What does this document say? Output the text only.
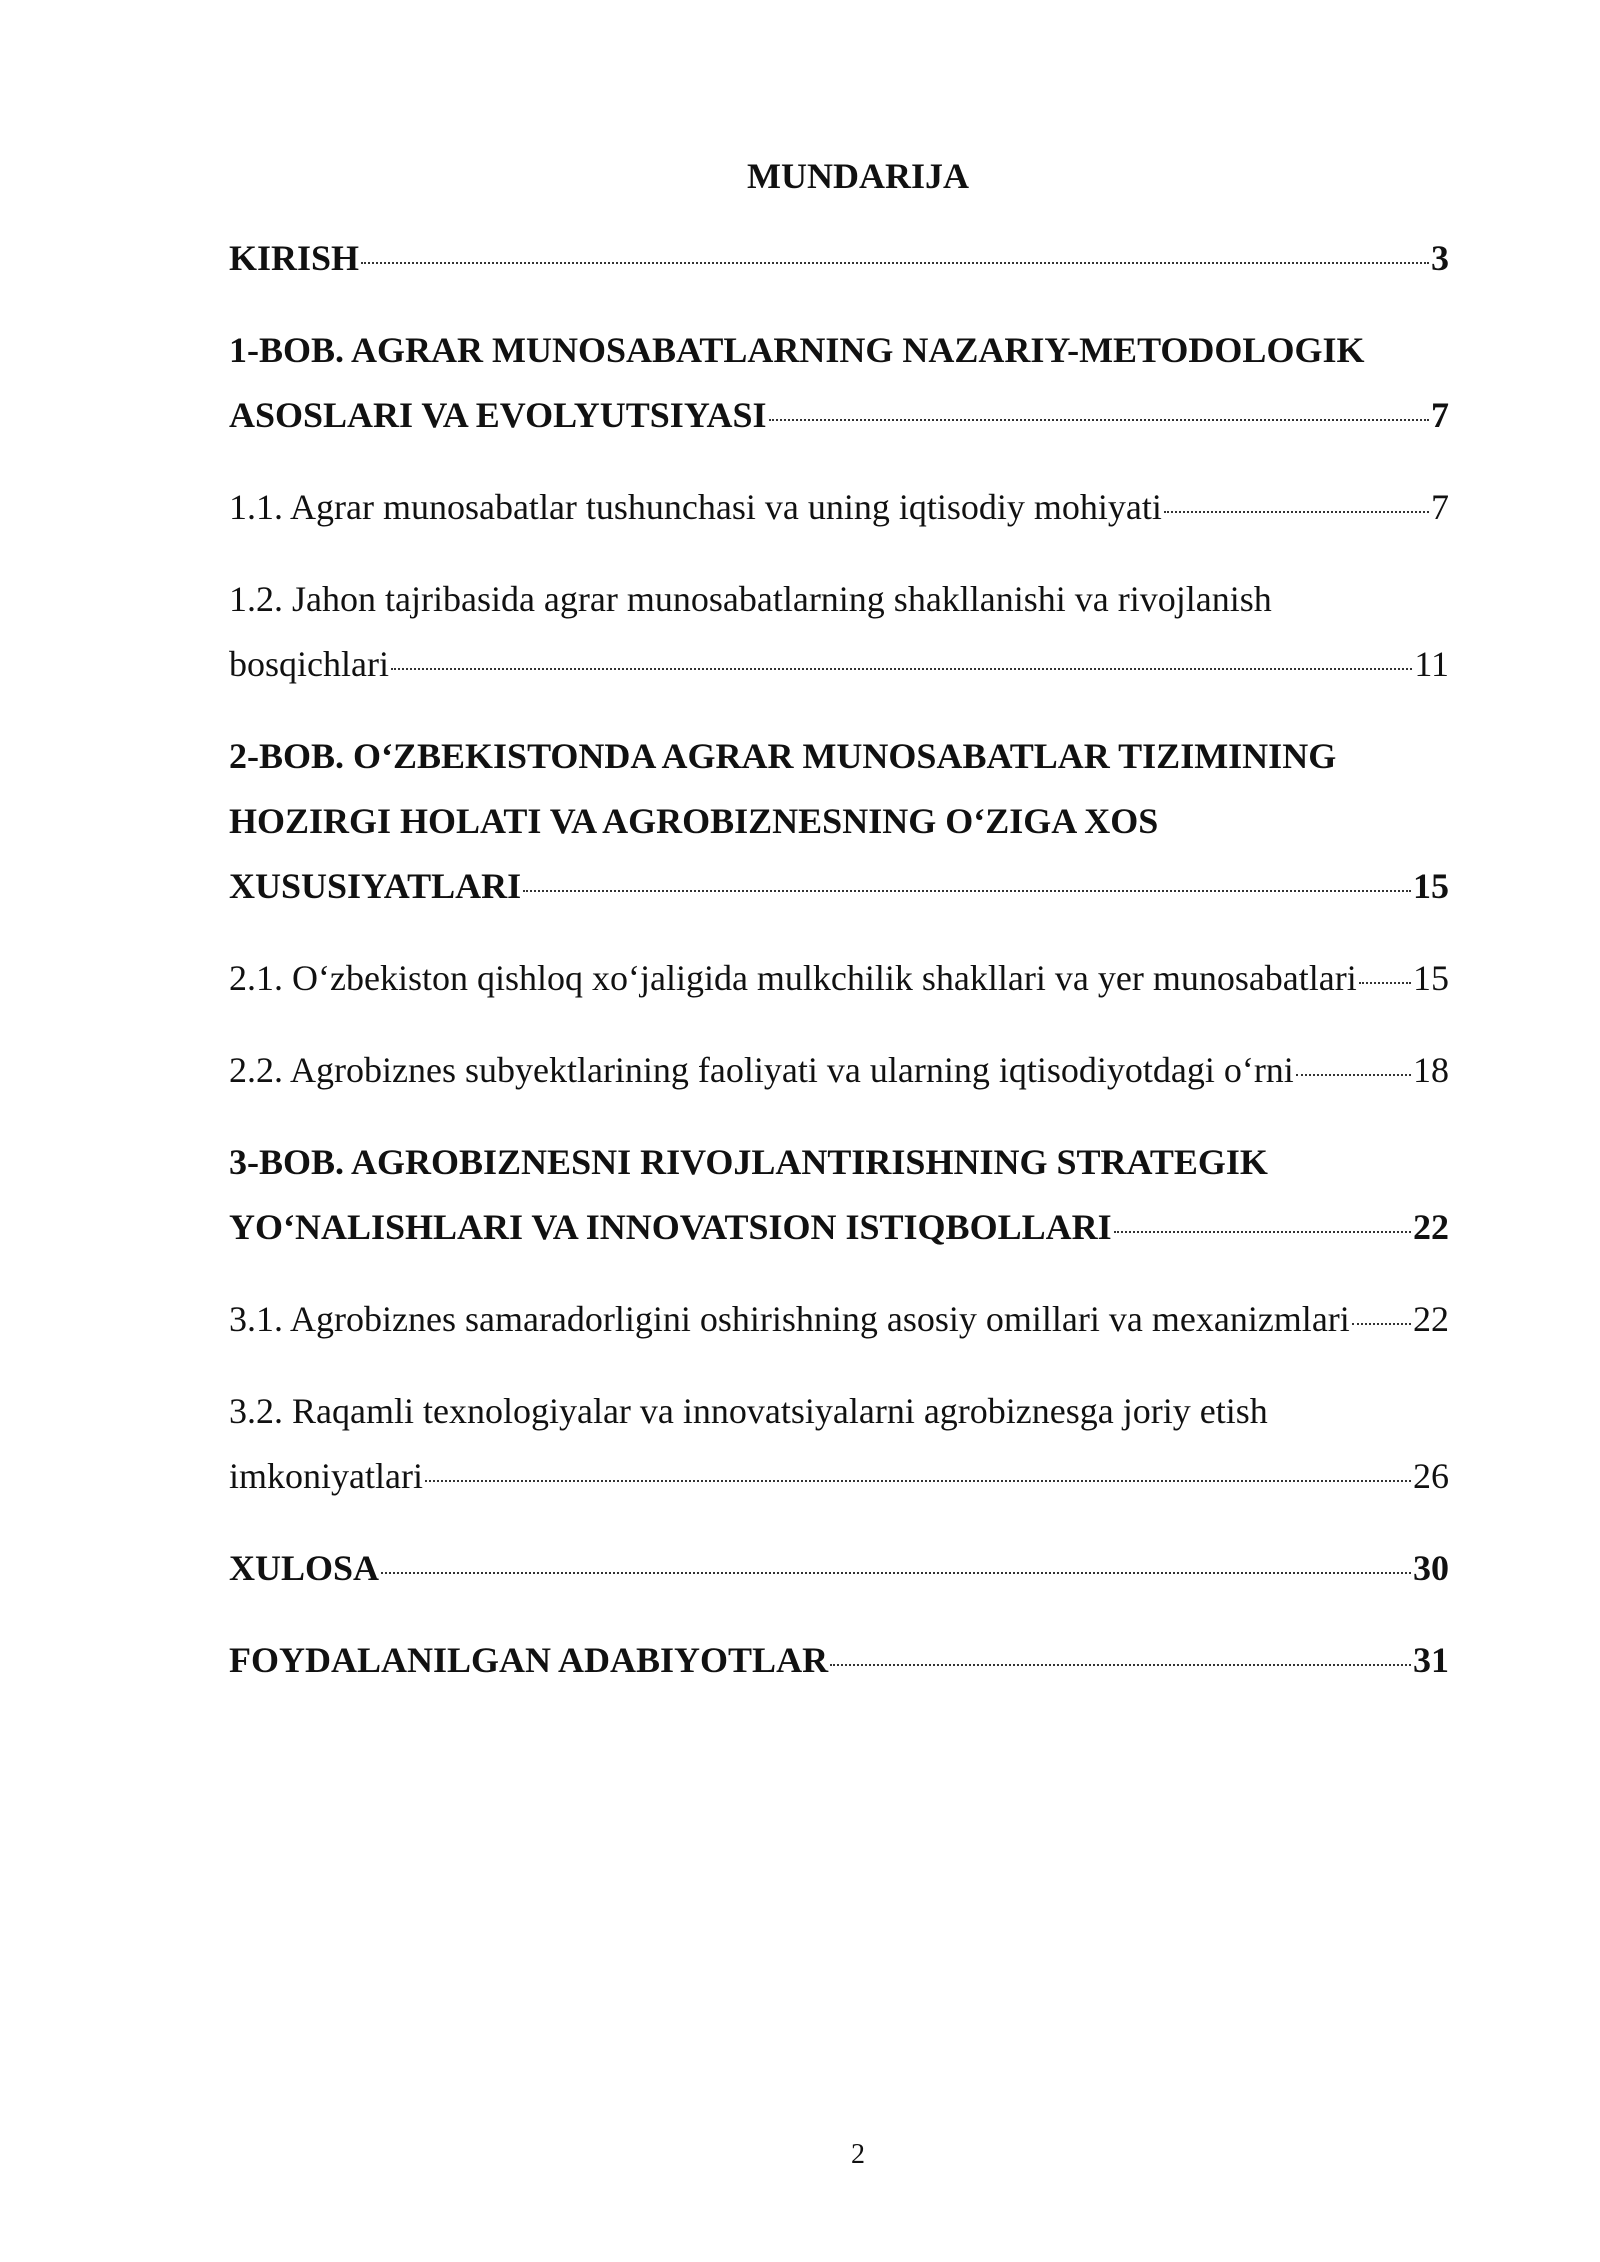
MUNDARIJA
KIRISH	3
1-BOB. AGRAR MUNOSABATLARNING NAZARIY-METODOLOGIK
ASOSLARI VA EVOLYUTSIYASI	7
1.1. Agrar munosabatlar tushunchasi va uning iqtisodiy mohiyati	7
1.2. Jahon tajribasida agrar munosabatlarning shakllanishi va rivojlanish
bosqichlari	11
2-BOB. O‘ZBEKISTONDA AGRAR MUNOSABATLAR TIZIMINING
HOZIRGI HOLATI VA AGROBIZNESNING O‘ZIGA XOS
XUSUSIYATLARI	15
2.1. O‘zbekiston qishloq xo‘jaligida mulkchilik shakllari va yer munosabatlari 15
2.2. Agrobiznes subyektlarining faoliyati va ularning iqtisodiyotdagi o‘rni	18
3-BOB. AGROBIZNESNI RIVOJLANTIRISHNING STRATEGIK
YO‘NALISHLARI VA INNOVATSION ISTIQBOLLARI	22
3.1. Agrobiznes samaradorligini oshirishning asosiy omillari va mexanizmlari 22
3.2. Raqamli texnologiyalar va innovatsiyalarni agrobiznesga joriy etish
imkoniyatlari	26
XULOSA	30
FOYDALANILGAN ADABIYOTLAR	31
2
